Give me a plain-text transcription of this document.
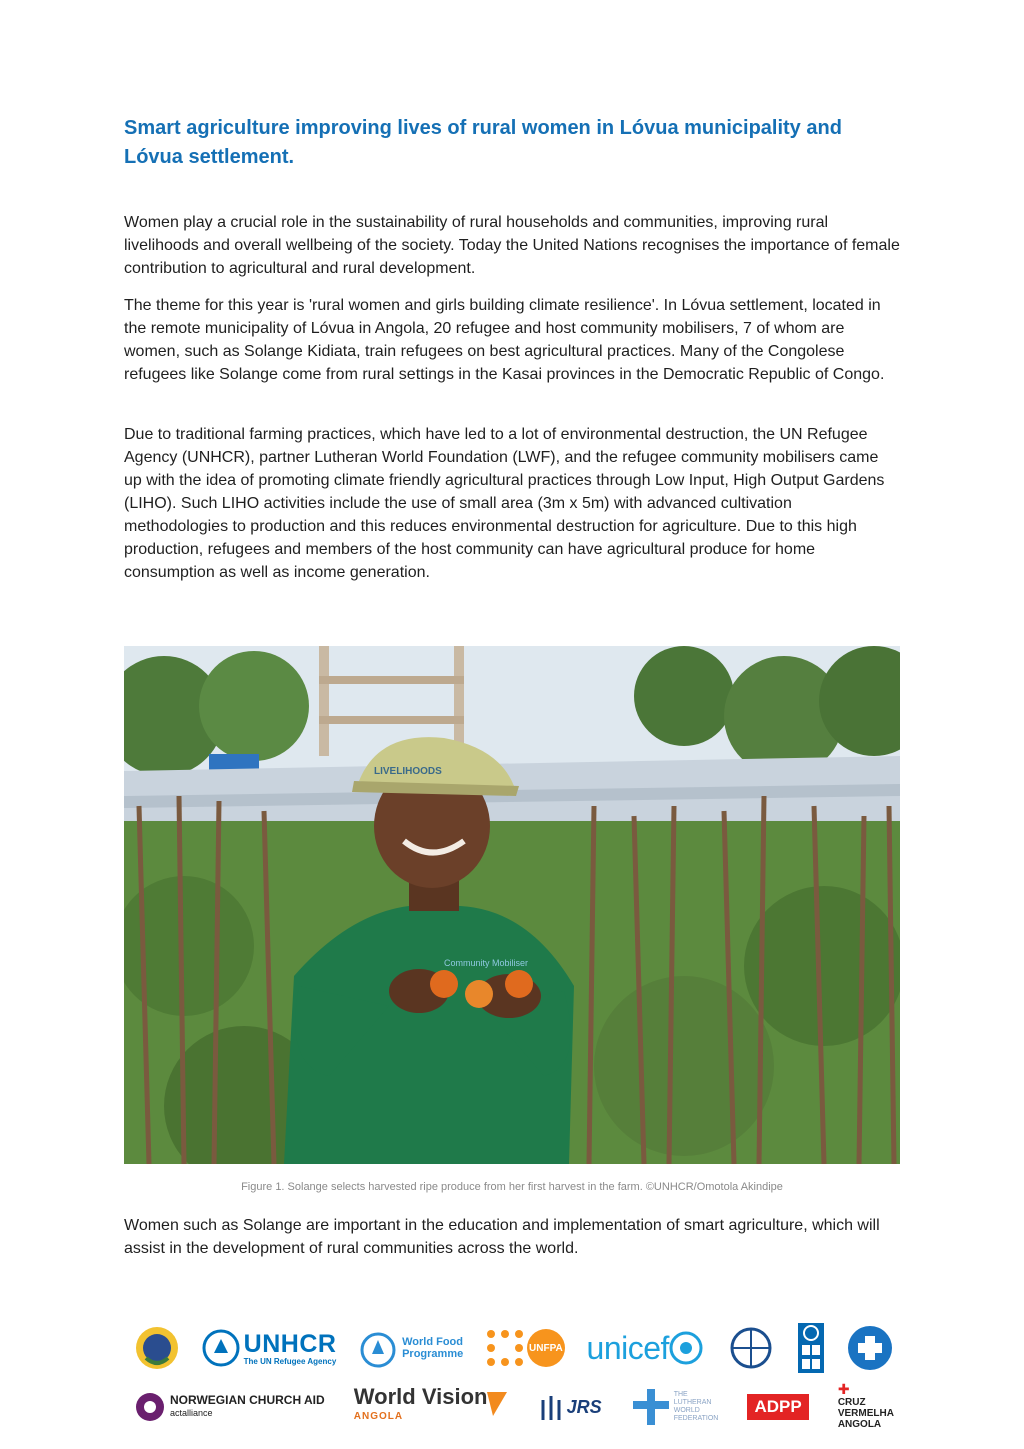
Smart agriculture improving lives of rural women in Lóvua municipality and Lóvua settlement.

Women play a crucial role in the sustainability of rural households and communities, improving rural livelihoods and overall wellbeing of the society. Today the United Nations recognises the importance of female contribution to agricultural and rural development.

The theme for this year is 'rural women and girls building climate resilience'. In Lóvua settlement, located in the remote municipality of Lóvua in Angola, 20 refugee and host community mobilisers, 7 of whom are women, such as Solange Kidiata, train refugees on best agricultural practices. Many of the Congolese refugees like Solange come from rural settings in the Kasai provinces in the Democratic Republic of Congo.

Due to traditional farming practices, which have led to a lot of environmental destruction, the UN Refugee Agency (UNHCR), partner Lutheran World Foundation (LWF), and the refugee community mobilisers came up with the idea of promoting climate friendly agricultural practices through Low Input, High Output Gardens (LIHO). Such LIHO activities include the use of small area (3m x 5m) with advanced cultivation methodologies to production and this reduces environmental destruction for agriculture. Due to this high production, refugees and members of the host community can have agricultural produce for home consumption as well as income generation.

LIVELIHOODS
Community Mobiliser
Figure 1. Solange selects harvested ripe produce from her first harvest in the farm. ©UNHCR/Omotola Akindipe

Women such as Solange are important in the education and implementation of smart agriculture, which will assist in the development of rural communities across the world.

UNHCR
The UN Refugee Agency
World Food
Programme	UNFPA unicef
NORWEGIAN CHURCH AID
actalliance
World Vision
ANGOLA	JRS
THE
LUTHERAN
WORLD
FEDERATION
ADPP
✚
CRUZ
VERMELHA
ANGOLA
